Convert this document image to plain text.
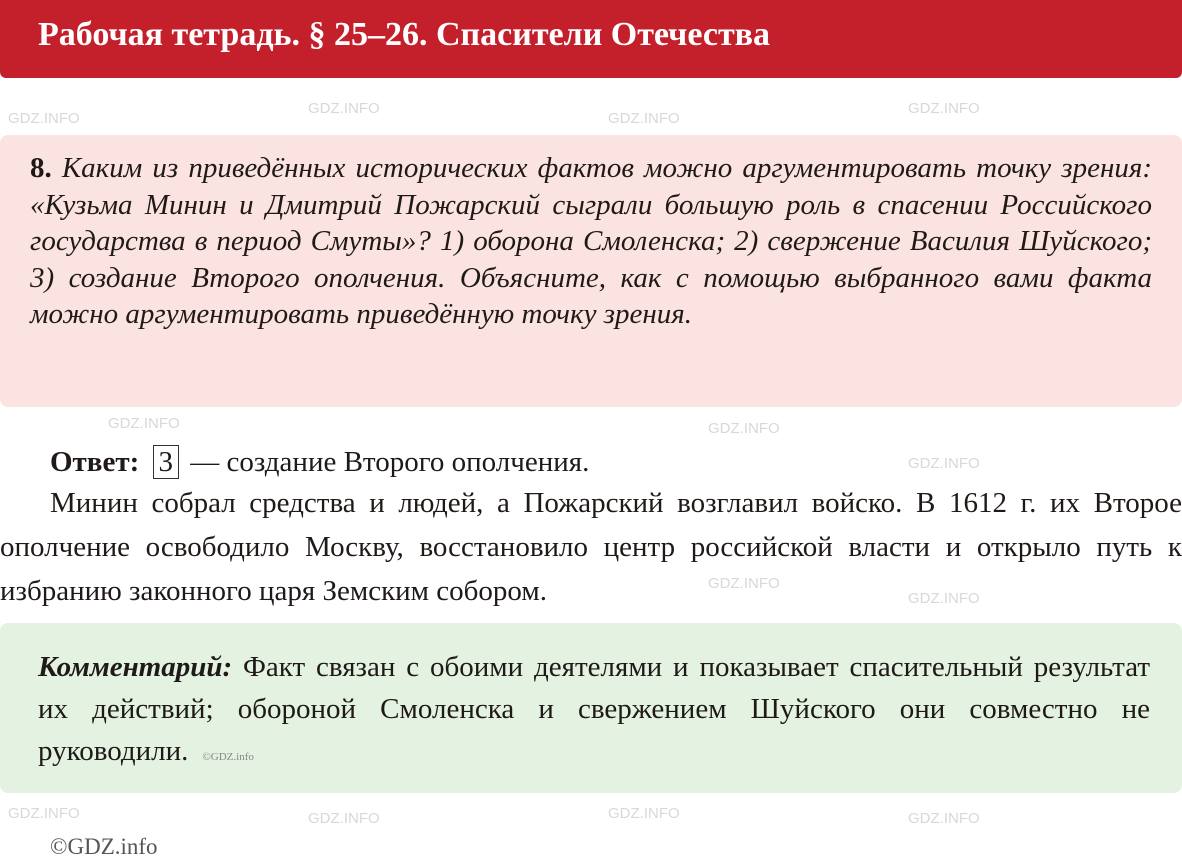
Рабочая тетрадь. § 25–26. Спасители Отечества
8. Каким из приведённых исторических фактов можно аргументировать точку зрения: «Кузьма Минин и Дмитрий Пожарский сыграли большую роль в спасении Российского государства в период Смуты»? 1) оборона Смоленска; 2) свержение Василия Шуйского; 3) создание Второго ополчения. Объясните, как с помощью выбранного вами факта можно аргументировать приведённую точку зрения.
Ответ: 3 — создание Второго ополчения.
Минин собрал средства и людей, а Пожарский возглавил войско. В 1612 г. их Второе ополчение освободило Москву, восстановило центр российской власти и открыло путь к избранию законного царя Земским собором.
Комментарий: Факт связан с обоими деятелями и показывает спасительный результат их действий; обороной Смоленска и свержением Шуйского они совместно не руководили. ©GDZ.info
©GDZ.info
GDZ.INFO
GDZ.INFO
GDZ.INFO
GDZ.INFO
GDZ.INFO	GDZ.INFO
GDZ.INFO
GDZ.INFO
GDZ.INFO
GDZ.INFO	GDZ.INFO	GDZ.INFO	GDZ.INFO
